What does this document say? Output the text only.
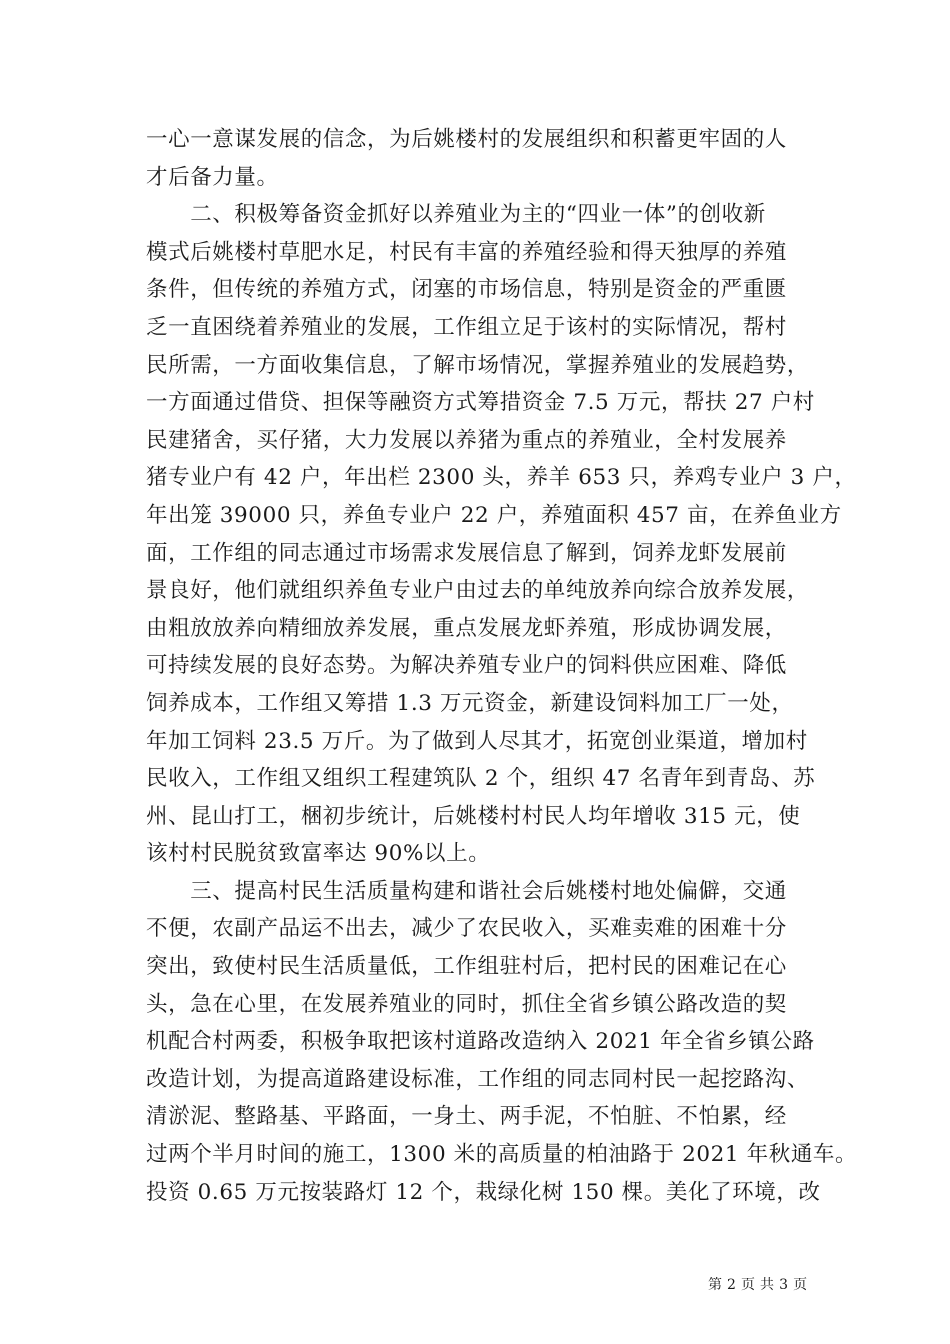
一心一意谋发展的信念，为后姚楼村的发展组织和积蓄更牢固的人
才后备力量。
　　二、积极筹备资金抓好以养殖业为主的“四业一体”的创收新
模式后姚楼村草肥水足，村民有丰富的养殖经验和得天独厚的养殖
条件，但传统的养殖方式，闭塞的市场信息，特别是资金的严重匮
乏一直困绕着养殖业的发展，工作组立足于该村的实际情况，帮村
民所需，一方面收集信息，了解市场情况，掌握养殖业的发展趋势，
一方面通过借贷、担保等融资方式筹措资金 7.5 万元，帮扶 27 户村
民建猪舍，买仔猪，大力发展以养猪为重点的养殖业，全村发展养
猪专业户有 42 户，年出栏 2300 头，养羊 653 只，养鸡专业户 3 户，
年出笼 39000 只，养鱼专业户 22 户，养殖面积 457 亩，在养鱼业方
面，工作组的同志通过市场需求发展信息了解到，饲养龙虾发展前
景良好，他们就组织养鱼专业户由过去的单纯放养向综合放养发展，
由粗放放养向精细放养发展，重点发展龙虾养殖，形成协调发展，
可持续发展的良好态势。为解决养殖专业户的饲料供应困难、降低
饲养成本，工作组又筹措 1.3 万元资金，新建设饲料加工厂一处，
年加工饲料 23.5 万斤。为了做到人尽其才，拓宽创业渠道，增加村
民收入，工作组又组织工程建筑队 2 个，组织 47 名青年到青岛、苏
州、昆山打工，梱初步统计，后姚楼村村民人均年增收 315 元，使
该村村民脱贫致富率达 90%以上。
　　三、提高村民生活质量构建和谐社会后姚楼村地处偏僻，交通
不便，农副产品运不出去，减少了农民收入，买难卖难的困难十分
突出，致使村民生活质量低，工作组驻村后，把村民的困难记在心
头，急在心里，在发展养殖业的同时，抓住全省乡镇公路改造的契
机配合村两委，积极争取把该村道路改造纳入 2021 年全省乡镇公路
改造计划，为提高道路建设标准，工作组的同志同村民一起挖路沟、
清淤泥、整路基、平路面，一身土、两手泥，不怕脏、不怕累，经
过两个半月时间的施工，1300 米的高质量的柏油路于 2021 年秋通车。
投资 0.65 万元按装路灯 12 个，栽绿化树 150 棵。美化了环境，改
第 2 页 共 3 页
